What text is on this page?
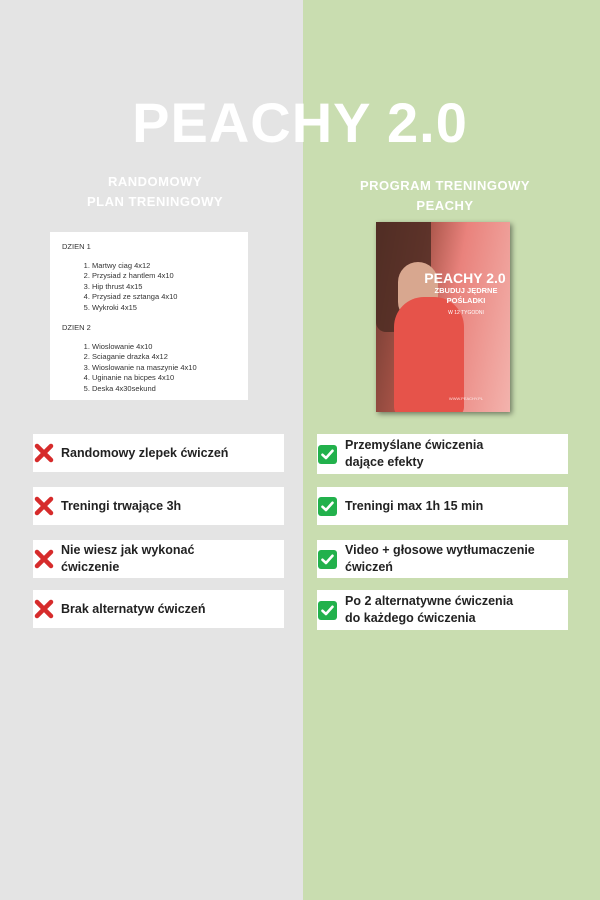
PEACHY 2.0
RANDOMOWY
PLAN TRENINGOWY
PROGRAM TRENINGOWY
PEACHY
DZIEN 1
1. Martwy ciag 4x12
2. Przysiad z hantlem 4x10
3. Hip thrust 4x15
4. Przysiad ze sztanga 4x10
5. Wykroki 4x15
DZIEN 2
1. Wioslowanie 4x10
2. Sciaganie drazka 4x12
3. Wioslowanie na maszynie 4x10
4. Uginanie na bicpes 4x10
5. Deska 4x30sekund
PEACHY 2.0
ZBUDUJ JĘDRNE
POŚLADKI
W 12 TYGODNI
WWW.PEACHY.PL
Randomowy zlepek ćwiczeń
Treningi trwające 3h
Nie wiesz jak wykonać
ćwiczenie
Brak alternatyw ćwiczeń
Przemyślane ćwiczenia
dające efekty
Treningi max 1h 15 min
Video + głosowe wytłumaczenie
ćwiczeń
Po 2 alternatywne ćwiczenia
do każdego ćwiczenia
